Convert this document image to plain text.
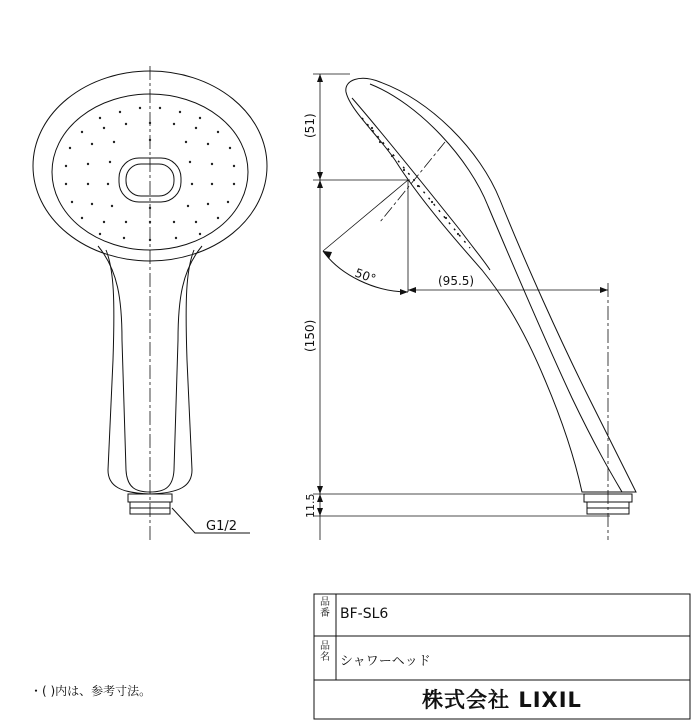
(51)
(150)
11.5
(95.5)
50°
G1/2
・( )内は、参考寸法。
品番 BF-SL6
品名 シャワーヘッド
株式会社 LIXIL
